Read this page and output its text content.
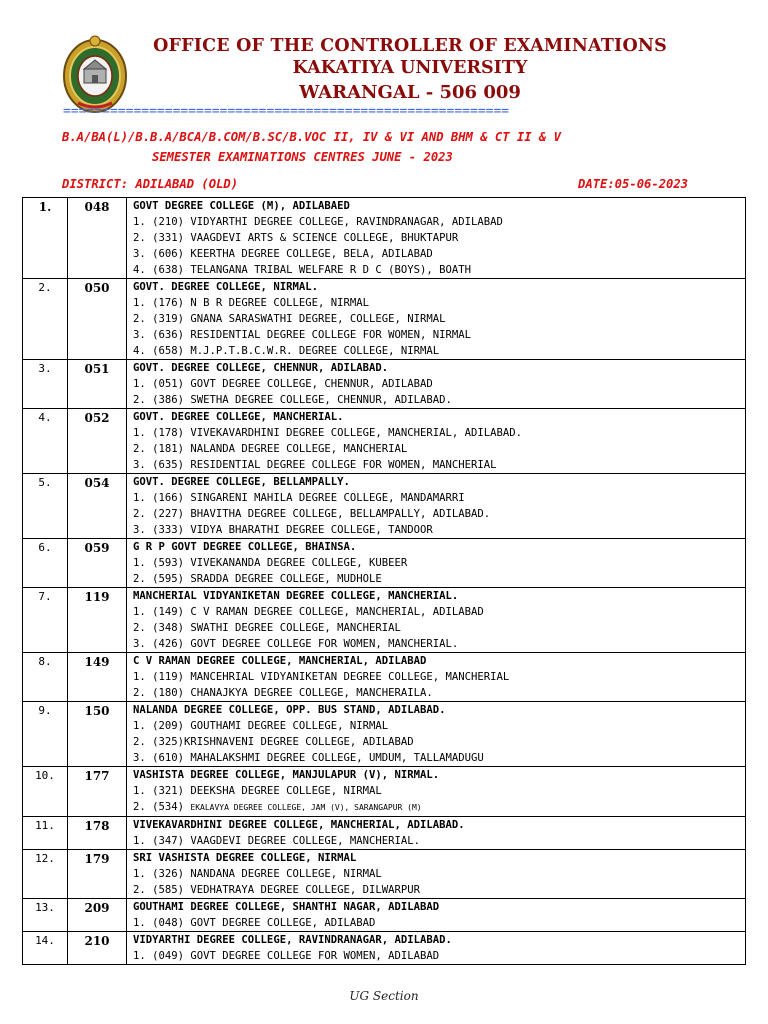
OFFICE OF THE CONTROLLER OF EXAMINATIONS
KAKATIYA UNIVERSITY
WARANGAL - 506 009
=========================================================
B.A/BA(L)/B.B.A/BCA/B.COM/B.SC/B.VOC II, IV & VI AND BHM & CT II & V
SEMESTER EXAMINATIONS CENTRES JUNE - 2023
DISTRICT: ADILABAD (OLD)	DATE:05-06-2023
1.	048	GOVT DEGREE COLLEGE (M), ADILABAED
1. (210) VIDYARTHI DEGREE COLLEGE, RAVINDRANAGAR, ADILABAD
2. (331) VAAGDEVI ARTS & SCIENCE COLLEGE, BHUKTAPUR
3. (606) KEERTHA DEGREE COLLEGE, BELA, ADILABAD
4. (638) TELANGANA TRIBAL WELFARE R D C (BOYS), BOATH

2.	050	GOVT. DEGREE COLLEGE, NIRMAL.
1. (176) N B R DEGREE COLLEGE, NIRMAL
2. (319) GNANA SARASWATHI DEGREE, COLLEGE, NIRMAL
3. (636) RESIDENTIAL DEGREE COLLEGE FOR WOMEN, NIRMAL
4. (658) M.J.P.T.B.C.W.R. DEGREE COLLEGE, NIRMAL

3.	051	GOVT. DEGREE COLLEGE, CHENNUR, ADILABAD.
1. (051) GOVT DEGREE COLLEGE, CHENNUR, ADILABAD
2. (386) SWETHA DEGREE COLLEGE, CHENNUR, ADILABAD.

4.	052	GOVT. DEGREE COLLEGE, MANCHERIAL.
1. (178) VIVEKAVARDHINI DEGREE COLLEGE, MANCHERIAL, ADILABAD.
2. (181) NALANDA DEGREE COLLEGE, MANCHERIAL
3. (635) RESIDENTIAL DEGREE COLLEGE FOR WOMEN, MANCHERIAL

5.	054	GOVT. DEGREE COLLEGE, BELLAMPALLY.
1. (166) SINGARENI MAHILA DEGREE COLLEGE, MANDAMARRI
2. (227) BHAVITHA DEGREE COLLEGE, BELLAMPALLY, ADILABAD.
3. (333) VIDYA BHARATHI DEGREE COLLEGE, TANDOOR

6.	059	G R P GOVT DEGREE COLLEGE, BHAINSA.
1. (593) VIVEKANANDA DEGREE COLLEGE, KUBEER
2. (595) SRADDA DEGREE COLLEGE, MUDHOLE

7.	119	MANCHERIAL VIDYANIKETAN DEGREE COLLEGE, MANCHERIAL.
1. (149) C V RAMAN DEGREE COLLEGE, MANCHERIAL, ADILABAD
2. (348) SWATHI DEGREE COLLEGE, MANCHERIAL
3. (426) GOVT DEGREE COLLEGE FOR WOMEN, MANCHERIAL.

8.	149	C V RAMAN DEGREE COLLEGE, MANCHERIAL, ADILABAD
1. (119) MANCEHRIAL VIDYANIKETAN DEGREE COLLEGE, MANCHERIAL
2. (180) CHANAJKYA DEGREE COLLEGE, MANCHERAILA.

9.	150	NALANDA DEGREE COLLEGE, OPP. BUS STAND, ADILABAD.
1. (209) GOUTHAMI DEGREE COLLEGE, NIRMAL
2. (325)KRISHNAVENI DEGREE COLLEGE, ADILABAD
3. (610) MAHALAKSHMI DEGREE COLLEGE, UMDUM, TALLAMADUGU

10.	177	VASHISTA DEGREE COLLEGE, MANJULAPUR (V), NIRMAL.
1. (321) DEEKSHA DEGREE COLLEGE, NIRMAL
2. (534) EKALAVYA DEGREE COLLEGE, JAM (V), SARANGAPUR (M)

11.	178	VIVEKAVARDHINI DEGREE COLLEGE, MANCHERIAL, ADILABAD.
1. (347) VAAGDEVI DEGREE COLLEGE, MANCHERIAL.

12.	179	SRI VASHISTA DEGREE COLLEGE, NIRMAL
1. (326) NANDANA DEGREE COLLEGE, NIRMAL
2. (585) VEDHATRAYA DEGREE COLLEGE, DILWARPUR

13.	209	GOUTHAMI DEGREE COLLEGE, SHANTHI NAGAR, ADILABAD
1. (048) GOVT DEGREE COLLEGE, ADILABAD

14.	210	VIDYARTHI DEGREE COLLEGE, RAVINDRANAGAR, ADILABAD.
1. (049) GOVT DEGREE COLLEGE FOR WOMEN, ADILABAD
UG Section
